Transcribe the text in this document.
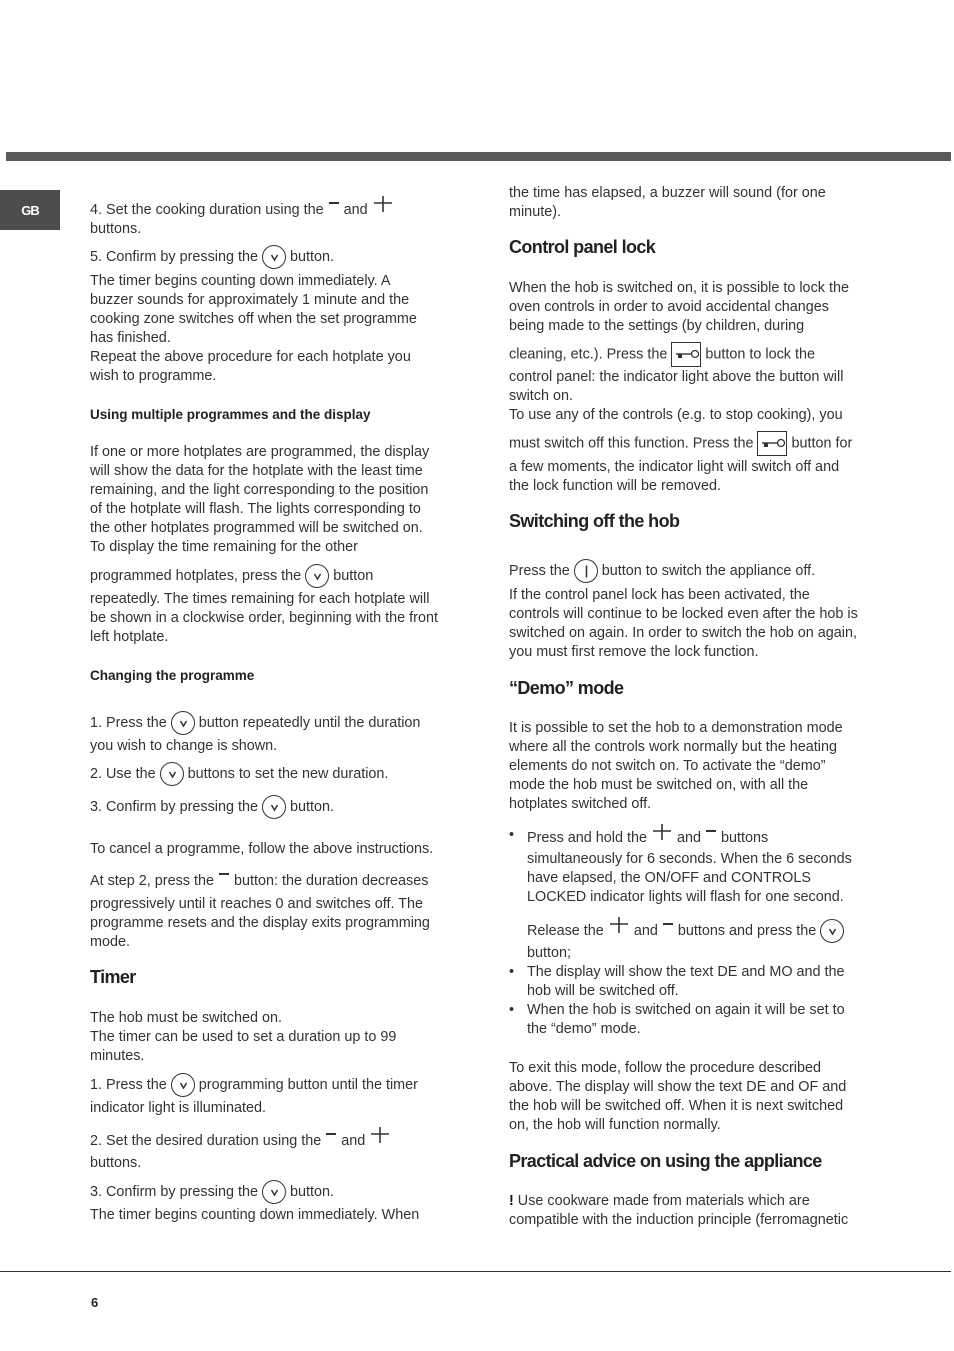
GB	4. Set the cooking duration using the and
buttons.
5. Confirm by pressing the button.

The timer begins counting down immediately. A

buzzer sounds for approximately 1 minute and the

cooking zone switches off when the set programme

has finished.

Repeat the above procedure for each hotplate you

wish to programme.

Using multiple programmes and the display

If one or more hotplates are programmed, the display

will show the data for the hotplate with the least time

remaining, and the light corresponding to the position

of the hotplate will flash. The lights corresponding to

the other hotplates programmed will be switched on.

To display the time remaining for the other

programmed hotplates, press the button

repeatedly. The times remaining for each hotplate will

be shown in a clockwise order, beginning with the front

left hotplate.

Changing the programme
1. Press the button repeatedly until the duration
you wish to change is shown.
2. Use the buttons to set the new duration.
3. Confirm by pressing the button.
To cancel a programme, follow the above instructions.
At step 2, press the button: the duration decreases

progressively until it reaches 0 and switches off. The

programme resets and the display exits programming

mode.

Timer

The hob must be switched on.

The timer can be used to set a duration up to 99

minutes.

1. Press the programming button until the timer
indicator light is illuminated.
2. Set the desired duration using the and
buttons.
3. Confirm by pressing the button.
The timer begins counting down immediately. When

the time has elapsed, a buzzer will sound (for one

minute).

Control panel lock

When the hob is switched on, it is possible to lock the

oven controls in order to avoid accidental changes

being made to the settings (by children, during

cleaning, etc.). Press the	button to lock the

control panel: the indicator light above the button will

switch on.

To use any of the controls (e.g. to stop cooking), you

must switch off this function. Press the	button for

a few moments, the indicator light will switch off and

the lock function will be removed.

Switching off the hob
Press the button to switch the appliance off.

If the control panel lock has been activated, the

controls will continue to be locked even after the hob is

switched on again. In order to switch the hob on again,

you must first remove the lock function.

“Demo” mode

It is possible to set the hob to a demonstration mode

where all the controls work normally but the heating

elements do not switch on. To activate the “demo”

mode the hob must be switched on, with all the

hotplates switched off.

• Press and hold the and buttons

simultaneously for 6 seconds. When the 6 seconds

have elapsed, the ON/OFF and CONTROLS

LOCKED indicator lights will flash for one second.

Release the and buttons and press the
button;
• The display will show the text DE and MO and the

hob will be switched off.

• When the hob is switched on again it will be set to

the “demo” mode.

To exit this mode, follow the procedure described

above. The display will show the text DE and OF and

the hob will be switched off. When it is next switched

on, the hob will function normally.

Practical advice on using the appliance

! Use cookware made from materials which are

compatible with the induction principle (ferromagnetic

6
